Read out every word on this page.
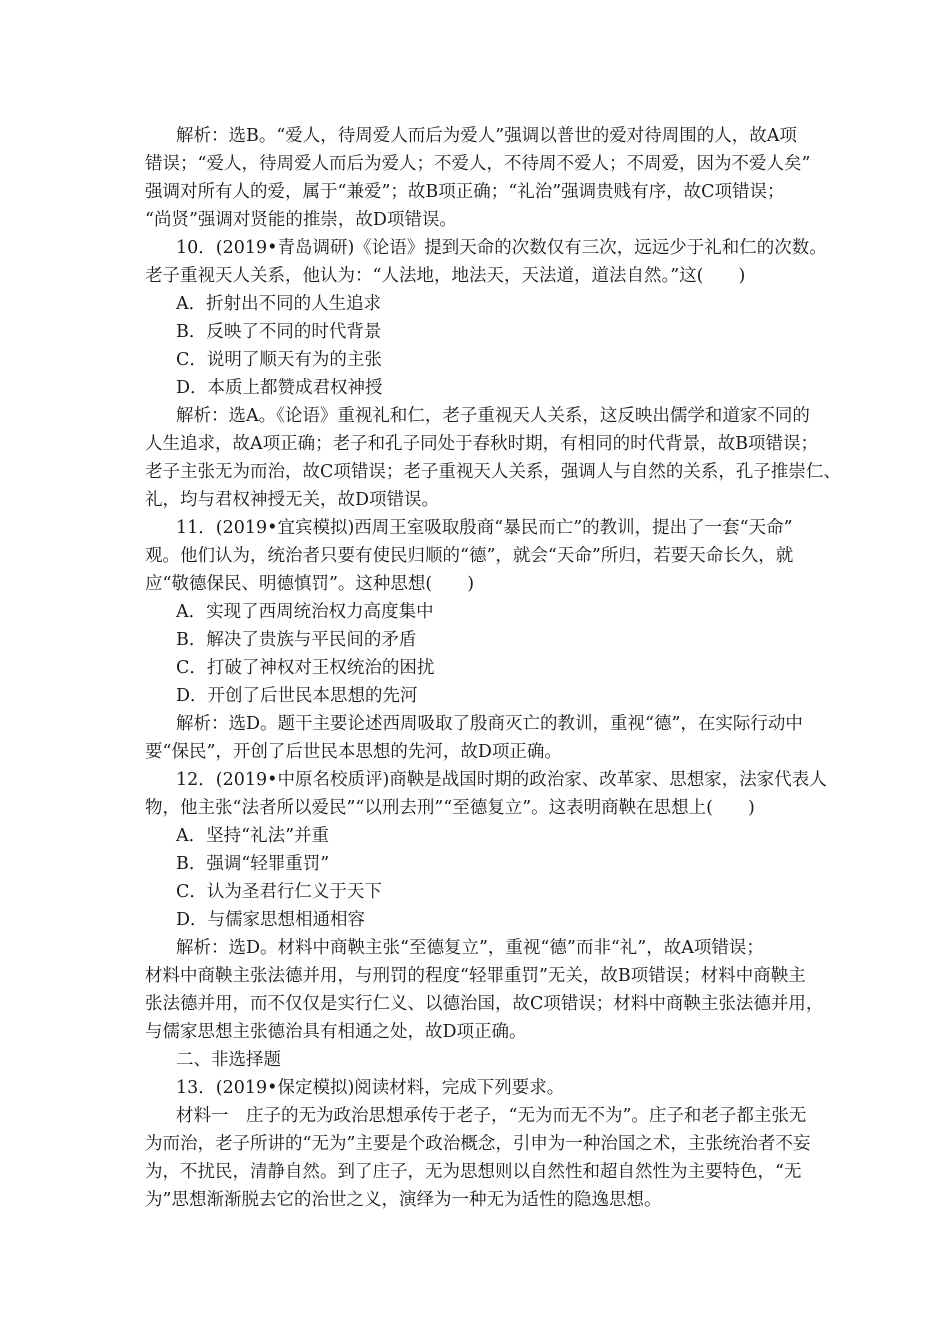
解析：选B。“爱人，待周爱人而后为爱人”强调以普世的爱对待周围的人，故A项
错误；“爱人，待周爱人而后为爱人；不爱人，不待周不爱人；不周爱，因为不爱人矣”
强调对所有人的爱，属于“兼爱”；故B项正确；“礼治”强调贵贱有序，故C项错误；
“尚贤”强调对贤能的推崇，故D项错误。
10．(2019•青岛调研)《论语》提到天命的次数仅有三次，远远少于礼和仁的次数。
老子重视天人关系，他认为：“人法地，地法天，天法道，道法自然。”这(　　)
A．折射出不同的人生追求
B．反映了不同的时代背景
C．说明了顺天有为的主张
D．本质上都赞成君权神授
解析：选A。《论语》重视礼和仁，老子重视天人关系，这反映出儒学和道家不同的
人生追求，故A项正确；老子和孔子同处于春秋时期，有相同的时代背景，故B项错误；
老子主张无为而治，故C项错误；老子重视天人关系，强调人与自然的关系，孔子推崇仁、
礼，均与君权神授无关，故D项错误。
11．(2019•宜宾模拟)西周王室吸取殷商“暴民而亡”的教训，提出了一套“天命”
观。他们认为，统治者只要有使民归顺的“德”，就会“天命”所归，若要天命长久，就
应“敬德保民、明德慎罚”。这种思想(　　)
A．实现了西周统治权力高度集中
B．解决了贵族与平民间的矛盾
C．打破了神权对王权统治的困扰
D．开创了后世民本思想的先河
解析：选D。题干主要论述西周吸取了殷商灭亡的教训，重视“德”，在实际行动中
要“保民”，开创了后世民本思想的先河，故D项正确。
12．(2019•中原名校质评)商鞅是战国时期的政治家、改革家、思想家，法家代表人
物，他主张“法者所以爱民”“以刑去刑”“至德复立”。这表明商鞅在思想上(　　)
A．坚持“礼法”并重
B．强调“轻罪重罚”
C．认为圣君行仁义于天下
D．与儒家思想相通相容
解析：选D。材料中商鞅主张“至德复立”，重视“德”而非“礼”，故A项错误；
材料中商鞅主张法德并用，与刑罚的程度“轻罪重罚”无关，故B项错误；材料中商鞅主
张法德并用，而不仅仅是实行仁义、以德治国，故C项错误；材料中商鞅主张法德并用，
与儒家思想主张德治具有相通之处，故D项正确。
二、非选择题
13．(2019•保定模拟)阅读材料，完成下列要求。
材料一　庄子的无为政治思想承传于老子，“无为而无不为”。庄子和老子都主张无
为而治，老子所讲的“无为”主要是个政治概念，引申为一种治国之术，主张统治者不妄
为，不扰民，清静自然。到了庄子，无为思想则以自然性和超自然性为主要特色，“无
为”思想渐渐脱去它的治世之义，演绎为一种无为适性的隐逸思想。
